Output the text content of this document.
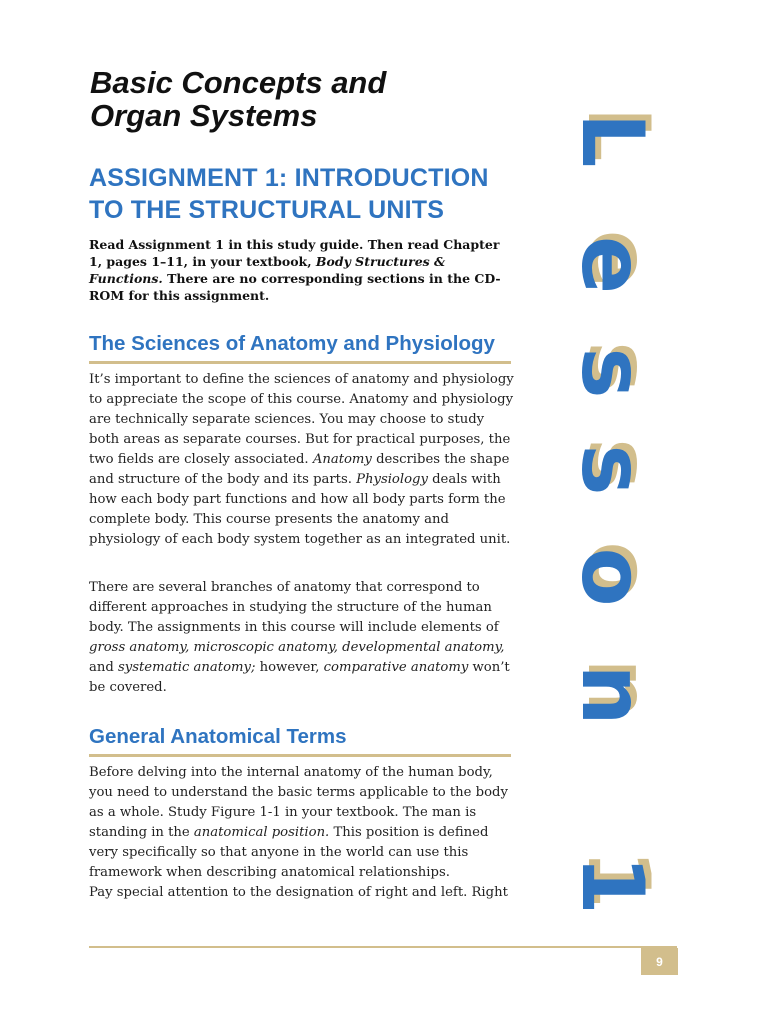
Basic Concepts and
Organ Systems
ASSIGNMENT 1: INTRODUCTION
TO THE STRUCTURAL UNITS

Read Assignment 1 in this study guide. Then read Chapter 1, pages 1–11, in your textbook, Body Structures & Functions. There are no corresponding sections in the CD-ROM for this assignment.

The Sciences of Anatomy and Physiology

It’s important to define the sciences of anatomy and physiology to appreciate the scope of this course. Anatomy and physiology are technically separate sciences. You may choose to study both areas as separate courses. But for practical purposes, the two fields are closely associated. Anatomy describes the shape and structure of the body and its parts. Physiology deals with how each body part functions and how all body parts form the complete body. This course presents the anatomy and physiology of each body system together as an integrated unit.

There are several branches of anatomy that correspond to different approaches in studying the structure of the human body. The assignments in this course will include elements of gross anatomy, microscopic anatomy, developmental anatomy, and systematic anatomy; however, comparative anatomy won’t be covered.

General Anatomical Terms

Before delving into the internal anatomy of the human body, you need to understand the basic terms applicable to the body as a whole. Study Figure 1-1 in your textbook. The man is standing in the anatomical position. This position is defined very specifically so that anyone in the world can use this framework when describing anatomical relationships.
Pay special attention to the designation of right and left. Right

L
e
s
s
o
n
1
9
